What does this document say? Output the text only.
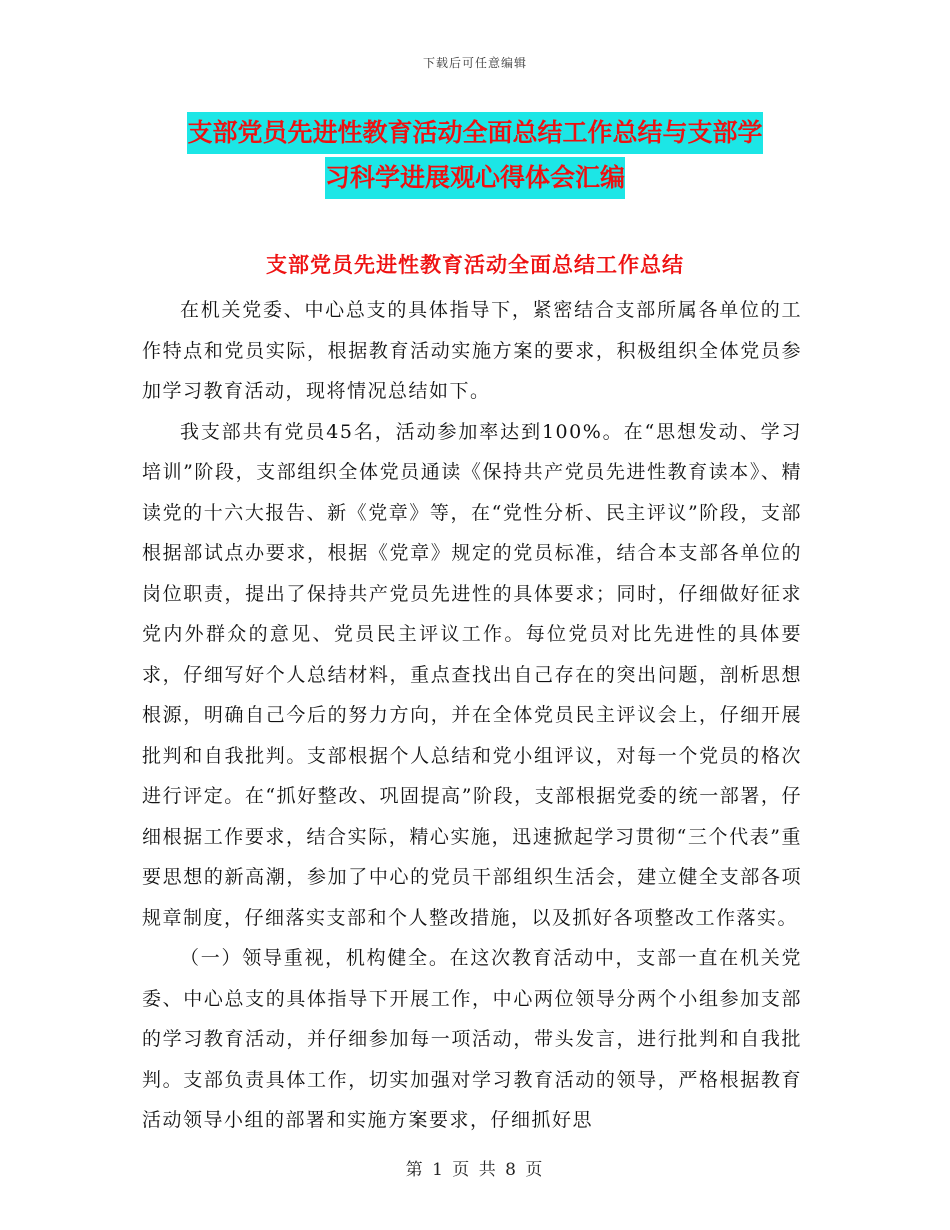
下载后可任意编辑
支部党员先进性教育活动全面总结工作总结与支部学
习科学进展观心得体会汇编
支部党员先进性教育活动全面总结工作总结

在机关党委、中心总支的具体指导下，紧密结合支部所属各单位的工作特点和党员实际，根据教育活动实施方案的要求，积极组织全体党员参加学习教育活动，现将情况总结如下。

我支部共有党员45名，活动参加率达到100%。在“思想发动、学习培训”阶段，支部组织全体党员通读《保持共产党员先进性教育读本》、精读党的十六大报告、新《党章》等，在“党性分析、民主评议”阶段，支部根据部试点办要求，根据《党章》规定的党员标准，结合本支部各单位的岗位职责，提出了保持共产党员先进性的具体要求；同时，仔细做好征求党内外群众的意见、党员民主评议工作。每位党员对比先进性的具体要求，仔细写好个人总结材料，重点查找出自己存在的突出问题，剖析思想根源，明确自己今后的努力方向，并在全体党员民主评议会上，仔细开展批判和自我批判。支部根据个人总结和党小组评议，对每一个党员的格次进行评定。在“抓好整改、巩固提高”阶段，支部根据党委的统一部署，仔细根据工作要求，结合实际，精心实施，迅速掀起学习贯彻“三个代表”重要思想的新高潮，参加了中心的党员干部组织生活会，建立健全支部各项规章制度，仔细落实支部和个人整改措施，以及抓好各项整改工作落实。

（一）领导重视，机构健全。在这次教育活动中，支部一直在机关党委、中心总支的具体指导下开展工作，中心两位领导分两个小组参加支部的学习教育活动，并仔细参加每一项活动，带头发言，进行批判和自我批判。支部负责具体工作，切实加强对学习教育活动的领导，严格根据教育活动领导小组的部署和实施方案要求，仔细抓好思

第 1 页 共 8 页
